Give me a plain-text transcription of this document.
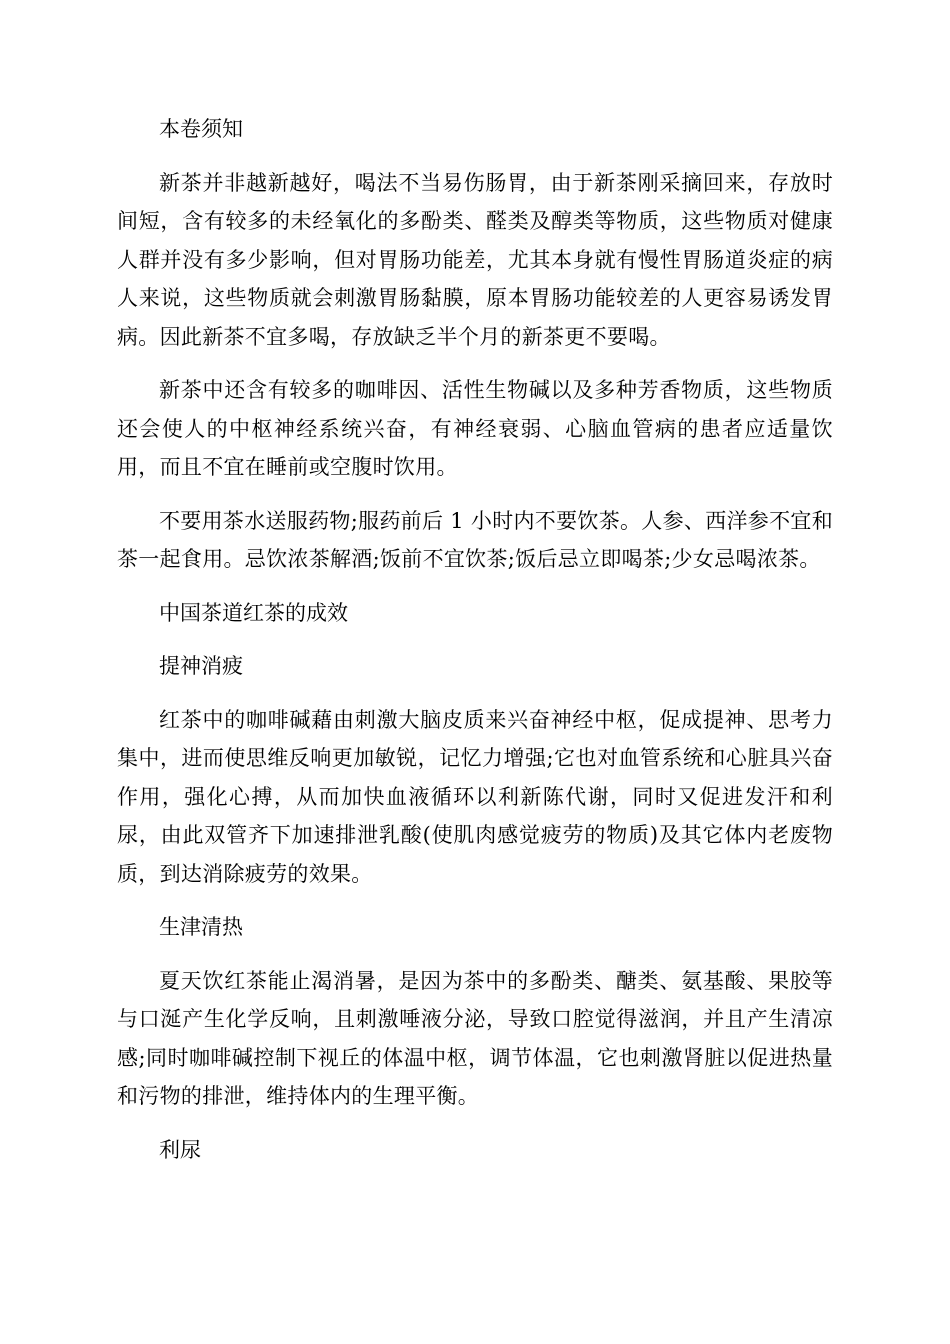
本卷须知

新茶并非越新越好，喝法不当易伤肠胃，由于新茶刚采摘回来，存放时间短，含有较多的未经氧化的多酚类、醛类及醇类等物质，这些物质对健康人群并没有多少影响，但对胃肠功能差，尤其本身就有慢性胃肠道炎症的病人来说，这些物质就会刺激胃肠黏膜，原本胃肠功能较差的人更容易诱发胃病。因此新茶不宜多喝，存放缺乏半个月的新茶更不要喝。

新茶中还含有较多的咖啡因、活性生物碱以及多种芳香物质，这些物质还会使人的中枢神经系统兴奋，有神经衰弱、心脑血管病的患者应适量饮用，而且不宜在睡前或空腹时饮用。

不要用茶水送服药物;服药前后 1 小时内不要饮茶。人参、西洋参不宜和茶一起食用。忌饮浓茶解酒;饭前不宜饮茶;饭后忌立即喝茶;少女忌喝浓茶。

中国茶道红茶的成效

提神消疲

红茶中的咖啡碱藉由刺激大脑皮质来兴奋神经中枢，促成提神、思考力集中，进而使思维反响更加敏锐，记忆力增强;它也对血管系统和心脏具兴奋作用，强化心搏，从而加快血液循环以利新陈代谢，同时又促进发汗和利尿，由此双管齐下加速排泄乳酸(使肌肉感觉疲劳的物质)及其它体内老废物质，到达消除疲劳的效果。

生津清热

夏天饮红茶能止渴消暑，是因为茶中的多酚类、醣类、氨基酸、果胶等与口涎产生化学反响，且刺激唾液分泌，导致口腔觉得滋润，并且产生清凉感;同时咖啡碱控制下视丘的体温中枢，调节体温，它也刺激肾脏以促进热量和污物的排泄，维持体内的生理平衡。

利尿
